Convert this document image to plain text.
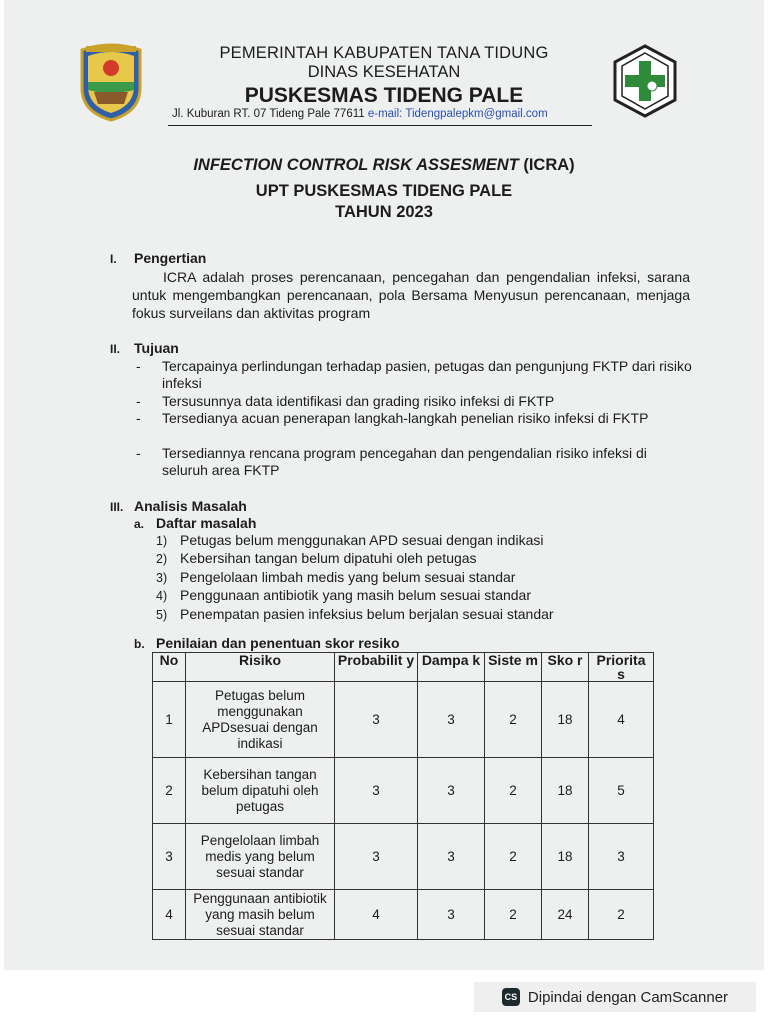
PEMERINTAH KABUPATEN TANA TIDUNG
DINAS KESEHATAN
PUSKESMAS TIDENG PALE
Jl. Kuburan RT. 07 Tideng Pale 77611 e-mail: Tidengpalepkm@gmail.com
INFECTION CONTROL RISK ASSESMENT (ICRA)
UPT PUSKESMAS TIDENG PALE
TAHUN 2023
I. Pengertian
ICRA adalah proses perencanaan, pencegahan dan pengendalian infeksi, sarana untuk mengembangkan perencanaan, pola Bersama Menyusun perencanaan, menjaga fokus surveilans dan aktivitas program
II. Tujuan
- Tercapainya perlindungan terhadap pasien, petugas dan pengunjung FKTP dari risiko infeksi
- Tersusunnya data identifikasi dan grading risiko infeksi di FKTP
- Tersedianya acuan penerapan langkah-langkah penelian risiko infeksi di FKTP
- Tersediannya rencana program pencegahan dan pengendalian risiko infeksi di seluruh area FKTP
III. Analisis Masalah
a. Daftar masalah
1) Petugas belum menggunakan APD sesuai dengan indikasi
2) Kebersihan tangan belum dipatuhi oleh petugas
3) Pengelolaan limbah medis yang belum sesuai standar
4) Penggunaan antibiotik yang masih belum sesuai standar
5) Penempatan pasien infeksius belum berjalan sesuai standar
b. Penilaian dan penentuan skor resiko
No	Risiko	Probabilit y	Dampa k	Siste m	Sko r	Priorita s
1	Petugas belum menggunakan APDsesuai dengan indikasi	3	3	2	18	4
2	Kebersihan tangan belum dipatuhi oleh petugas	3	3	2	18	5
3	Pengelolaan limbah medis yang belum sesuai standar	3	3	2	18	3
4	Penggunaan antibiotik yang masih belum sesuai standar	4	3	2	24	2
CS Dipindai dengan CamScanner
